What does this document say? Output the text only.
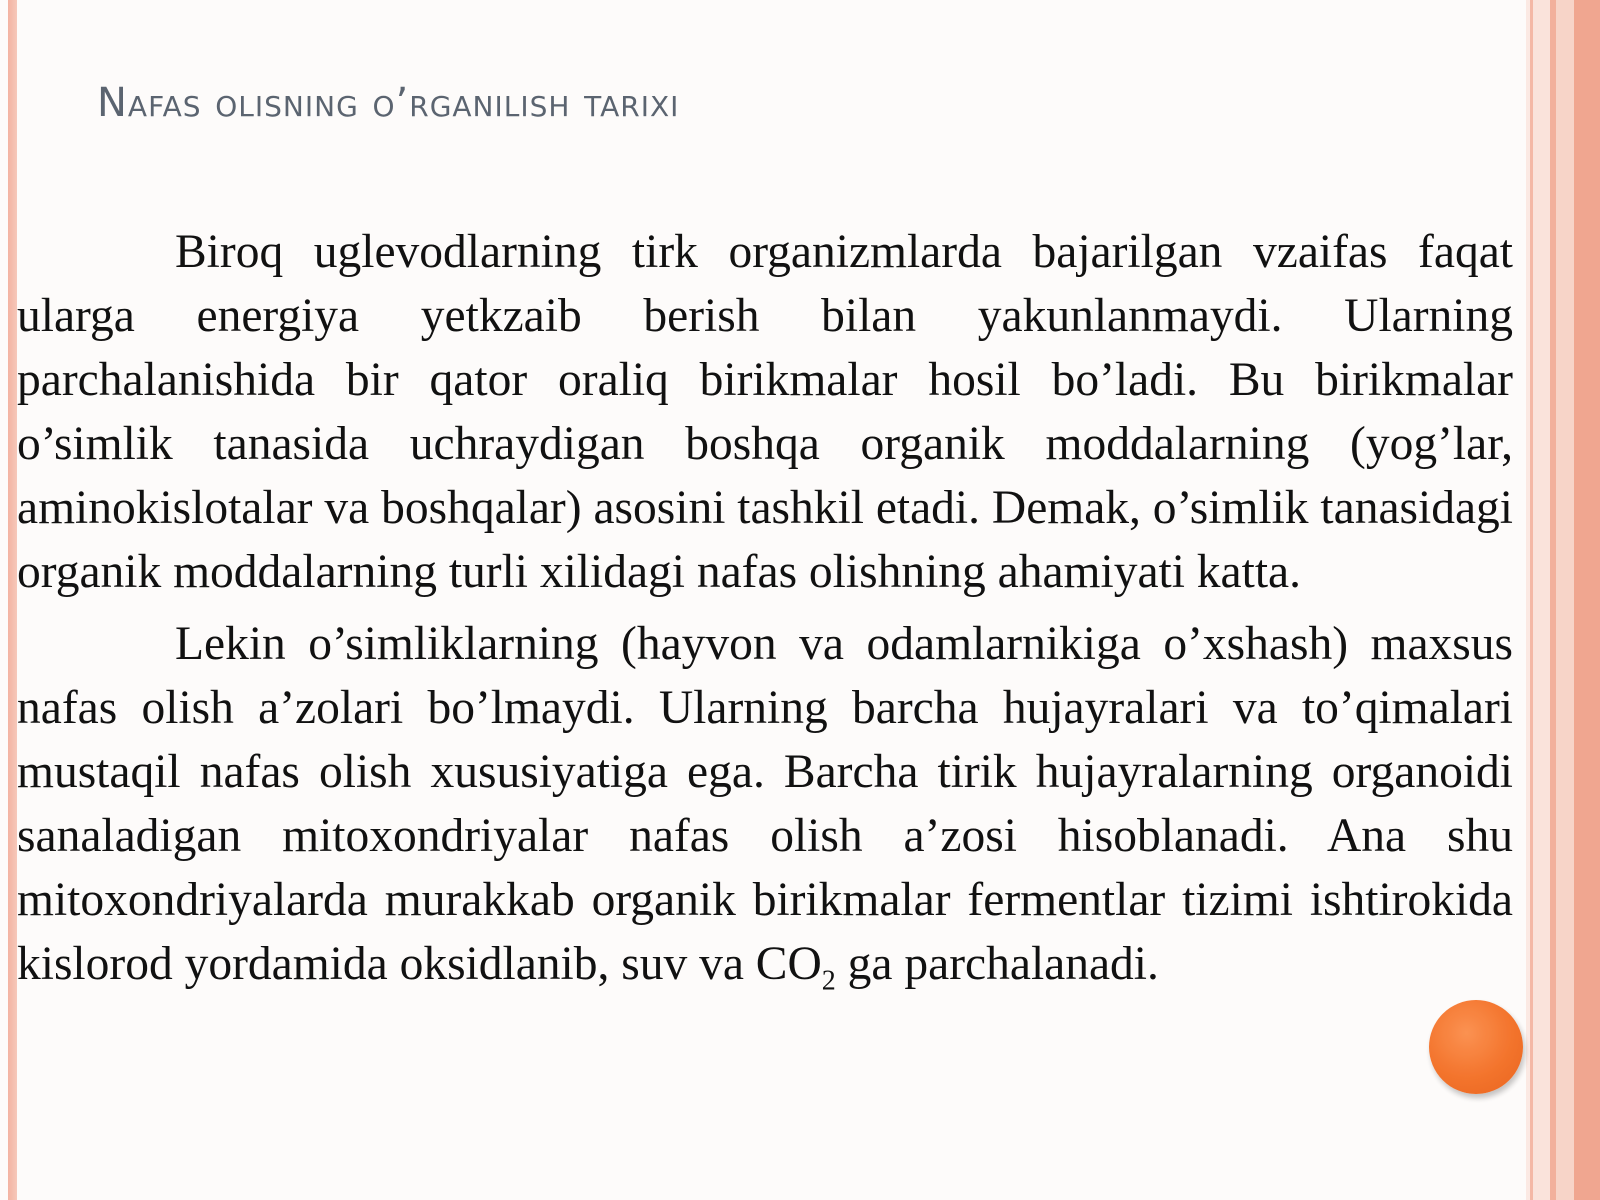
Nafas olisning o’rganilish tarixi

Biroq uglevodlarning tirk organizmlarda bajarilgan vzaifas faqat ularga energiya yetkzaib berish bilan yakunlanmaydi. Ularning parchalanishida bir qator oraliq birikmalar hosil bo’ladi. Bu birikmalar o’simlik tanasida uchraydigan boshqa organik moddalarning (yog’lar, aminokislotalar va boshqalar) asosini tashkil etadi. Demak, o’simlik tanasidagi organik moddalarning turli xilidagi nafas olishning ahamiyati katta.

Lekin o’simliklarning (hayvon va odamlarnikiga o’xshash) maxsus nafas olish a’zolari bo’lmaydi. Ularning barcha hujayralari va to’qimalari mustaqil nafas olish xususiyatiga ega. Barcha tirik hujayralarning organoidi sanaladigan mitoxondriyalar nafas olish a’zosi hisoblanadi. Ana shu mitoxondriyalarda murakkab organik birikmalar fermentlar tizimi ishtirokida kislorod yordamida oksidlanib, suv va $CO_2$ ga parchalanadi.
